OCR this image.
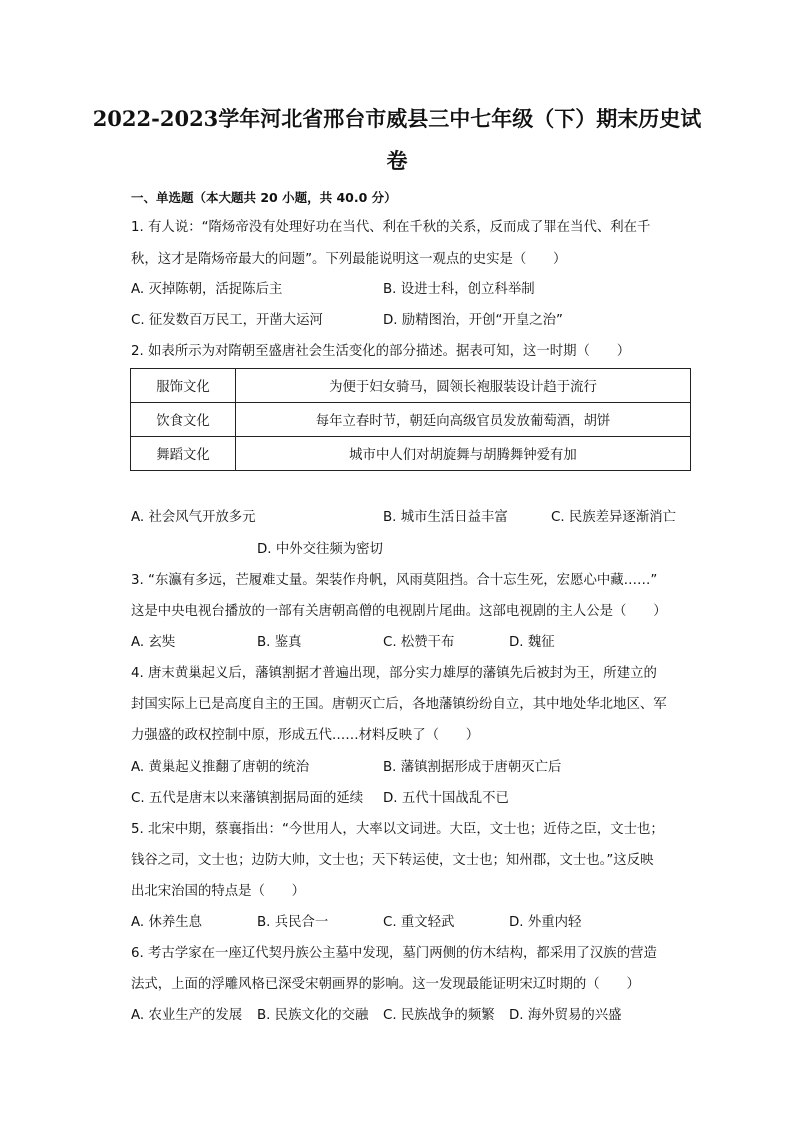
2022-2023学年河北省邢台市威县三中七年级（下）期末历史试
卷
一、单选题（本大题共 20 小题，共 40.0 分）
1. 有人说：“隋炀帝没有处理好功在当代、利在千秋的关系，反而成了罪在当代、利在千
秋，这才是隋炀帝最大的问题”。下列最能说明这一观点的史实是（　　）
A. 灭掉陈朝，活捉陈后主	B. 设进士科，创立科举制
C. 征发数百万民工，开凿大运河	D. 励精图治，开创“开皇之治”
2. 如表所示为对隋朝至盛唐社会生活变化的部分描述。据表可知，这一时期（　　）
服饰文化	为便于妇女骑马，圆领长袍服装设计趋于流行
饮食文化	每年立春时节，朝廷向高级官员发放葡萄酒，胡饼
舞蹈文化	城市中人们对胡旋舞与胡腾舞钟爱有加
A. 社会风气开放多元	B. 城市生活日益丰富	C. 民族差异逐渐消亡
D. 中外交往频为密切
3. “东瀛有多远，芒履难丈量。架装作舟帆，风雨莫阻挡。合十忘生死，宏愿心中藏……”
这是中央电视台播放的一部有关唐朝高僧的电视剧片尾曲。这部电视剧的主人公是（　　）
A. 玄奘	B. 鉴真	C. 松赞干布	D. 魏征
4. 唐末黄巢起义后，藩镇割据才普遍出现，部分实力雄厚的藩镇先后被封为王，所建立的
封国实际上已是高度自主的王国。唐朝灭亡后，各地藩镇纷纷自立，其中地处华北地区、军
力强盛的政权控制中原，形成五代……材料反映了（　　）
A. 黄巢起义推翻了唐朝的统治	B. 藩镇割据形成于唐朝灭亡后
C. 五代是唐末以来藩镇割据局面的延续 D. 五代十国战乱不已
5. 北宋中期，蔡襄指出：“今世用人，大率以文词进。大臣，文士也；近侍之臣，文士也；
钱谷之司，文士也；边防大帅，文士也；天下转运使，文士也；知州郡，文士也。”这反映
出北宋治国的特点是（　　）
A. 休养生息	B. 兵民合一	C. 重文轻武	D. 外重内轻
6. 考古学家在一座辽代契丹族公主墓中发现，墓门两侧的仿木结构，都采用了汉族的营造
法式，上面的浮雕风格已深受宋朝画界的影响。这一发现最能证明宋辽时期的（　　）
A. 农业生产的发展 B. 民族文化的交融 C. 民族战争的频繁 D. 海外贸易的兴盛
